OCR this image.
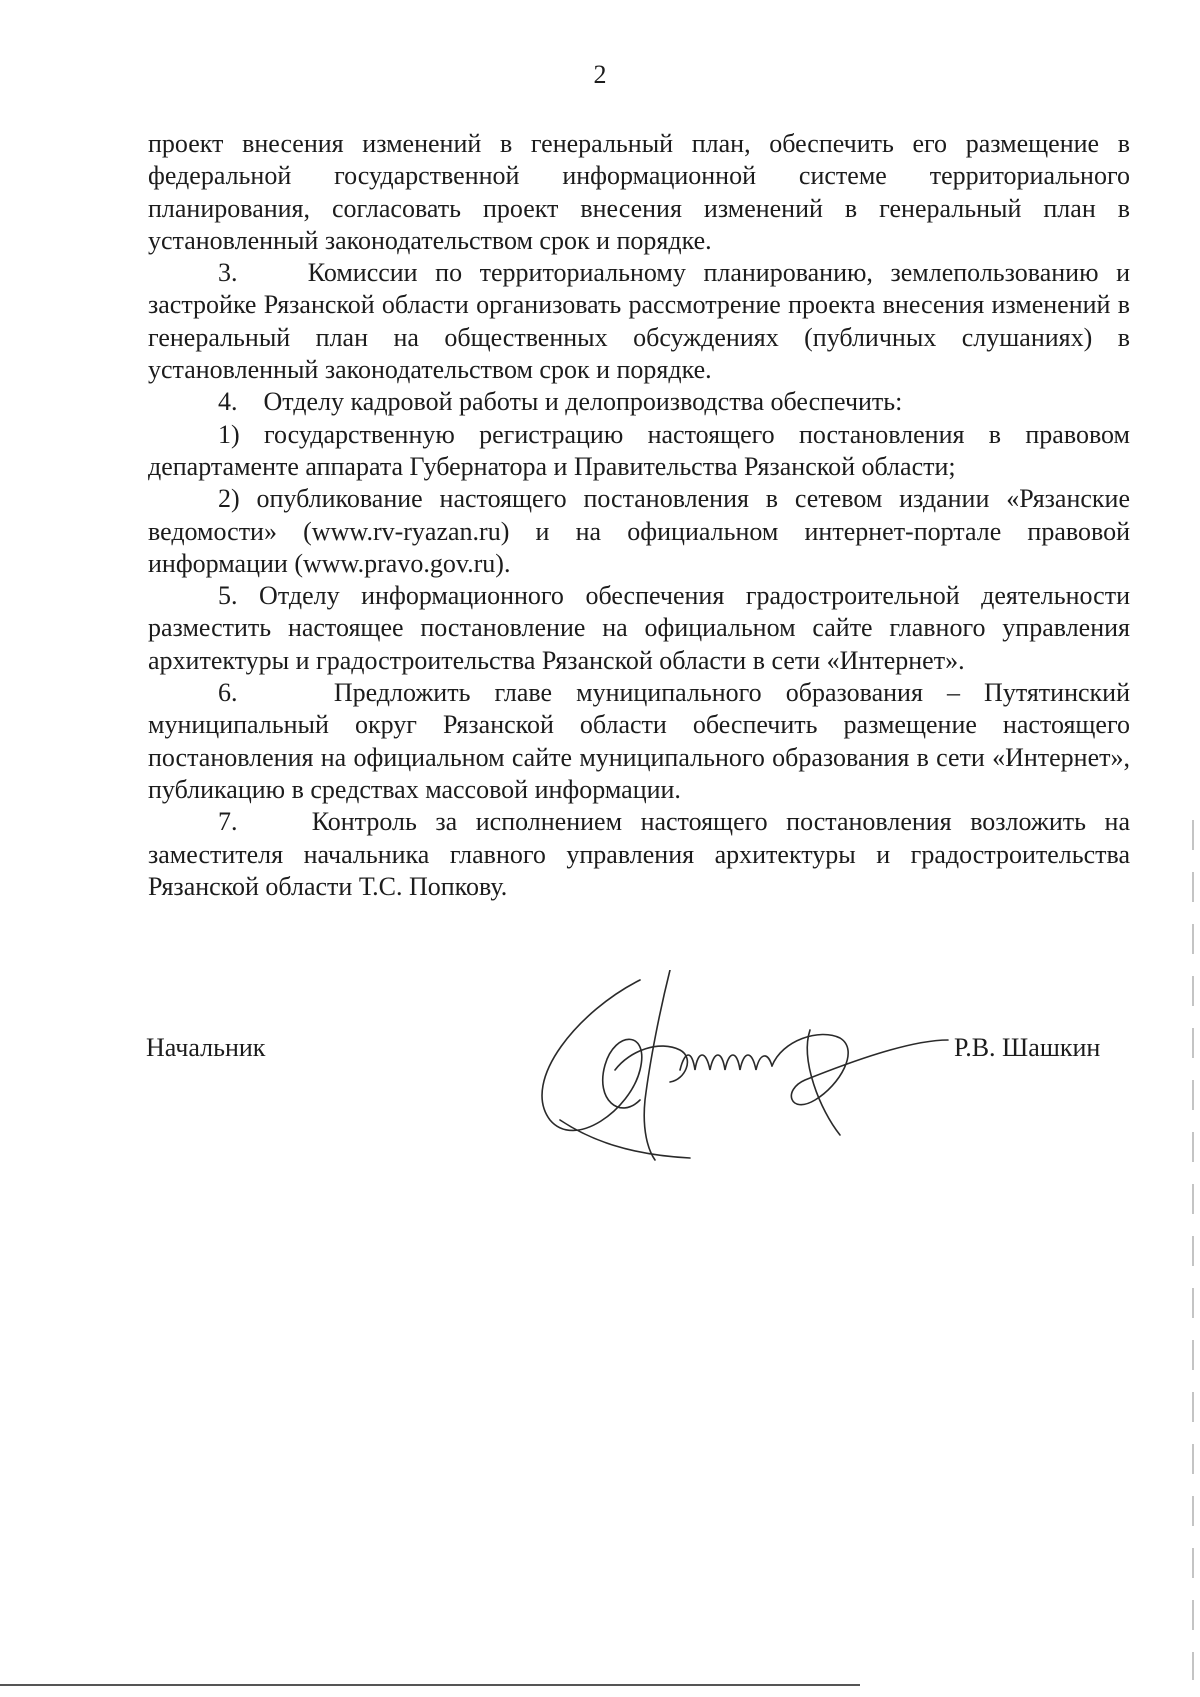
2

проект внесения изменений в генеральный план, обеспечить его размещение в федеральной государственной информационной системе территориального планирования, согласовать проект внесения изменений в генеральный план в установленный законодательством срок и порядке.

3.    Комиссии по территориальному планированию, землепользованию и застройке Рязанской области организовать рассмотрение проекта внесения изменений в генеральный план на общественных обсуждениях (публичных слушаниях) в установленный законодательством срок и порядке.

4.    Отделу кадровой работы и делопроизводства обеспечить:

1) государственную регистрацию настоящего постановления в правовом департаменте аппарата Губернатора и Правительства Рязанской области;

2) опубликование настоящего постановления в сетевом издании «Рязанские ведомости» (www.rv-ryazan.ru) и на официальном интернет-портале правовой информации (www.pravo.gov.ru).

5. Отделу информационного обеспечения градостроительной деятельности разместить настоящее постановление на официальном сайте главного управления архитектуры и градостроительства Рязанской области в сети «Интернет».

6.    Предложить главе муниципального образования – Путятинский муниципальный округ Рязанской области обеспечить размещение настоящего постановления на официальном сайте муниципального образования в сети «Интернет», публикацию в средствах массовой информации.

7.    Контроль за исполнением настоящего постановления возложить на заместителя начальника главного управления архитектуры и градостроительства Рязанской области Т.С. Попкову.

Начальник	Р.В. Шашкин
